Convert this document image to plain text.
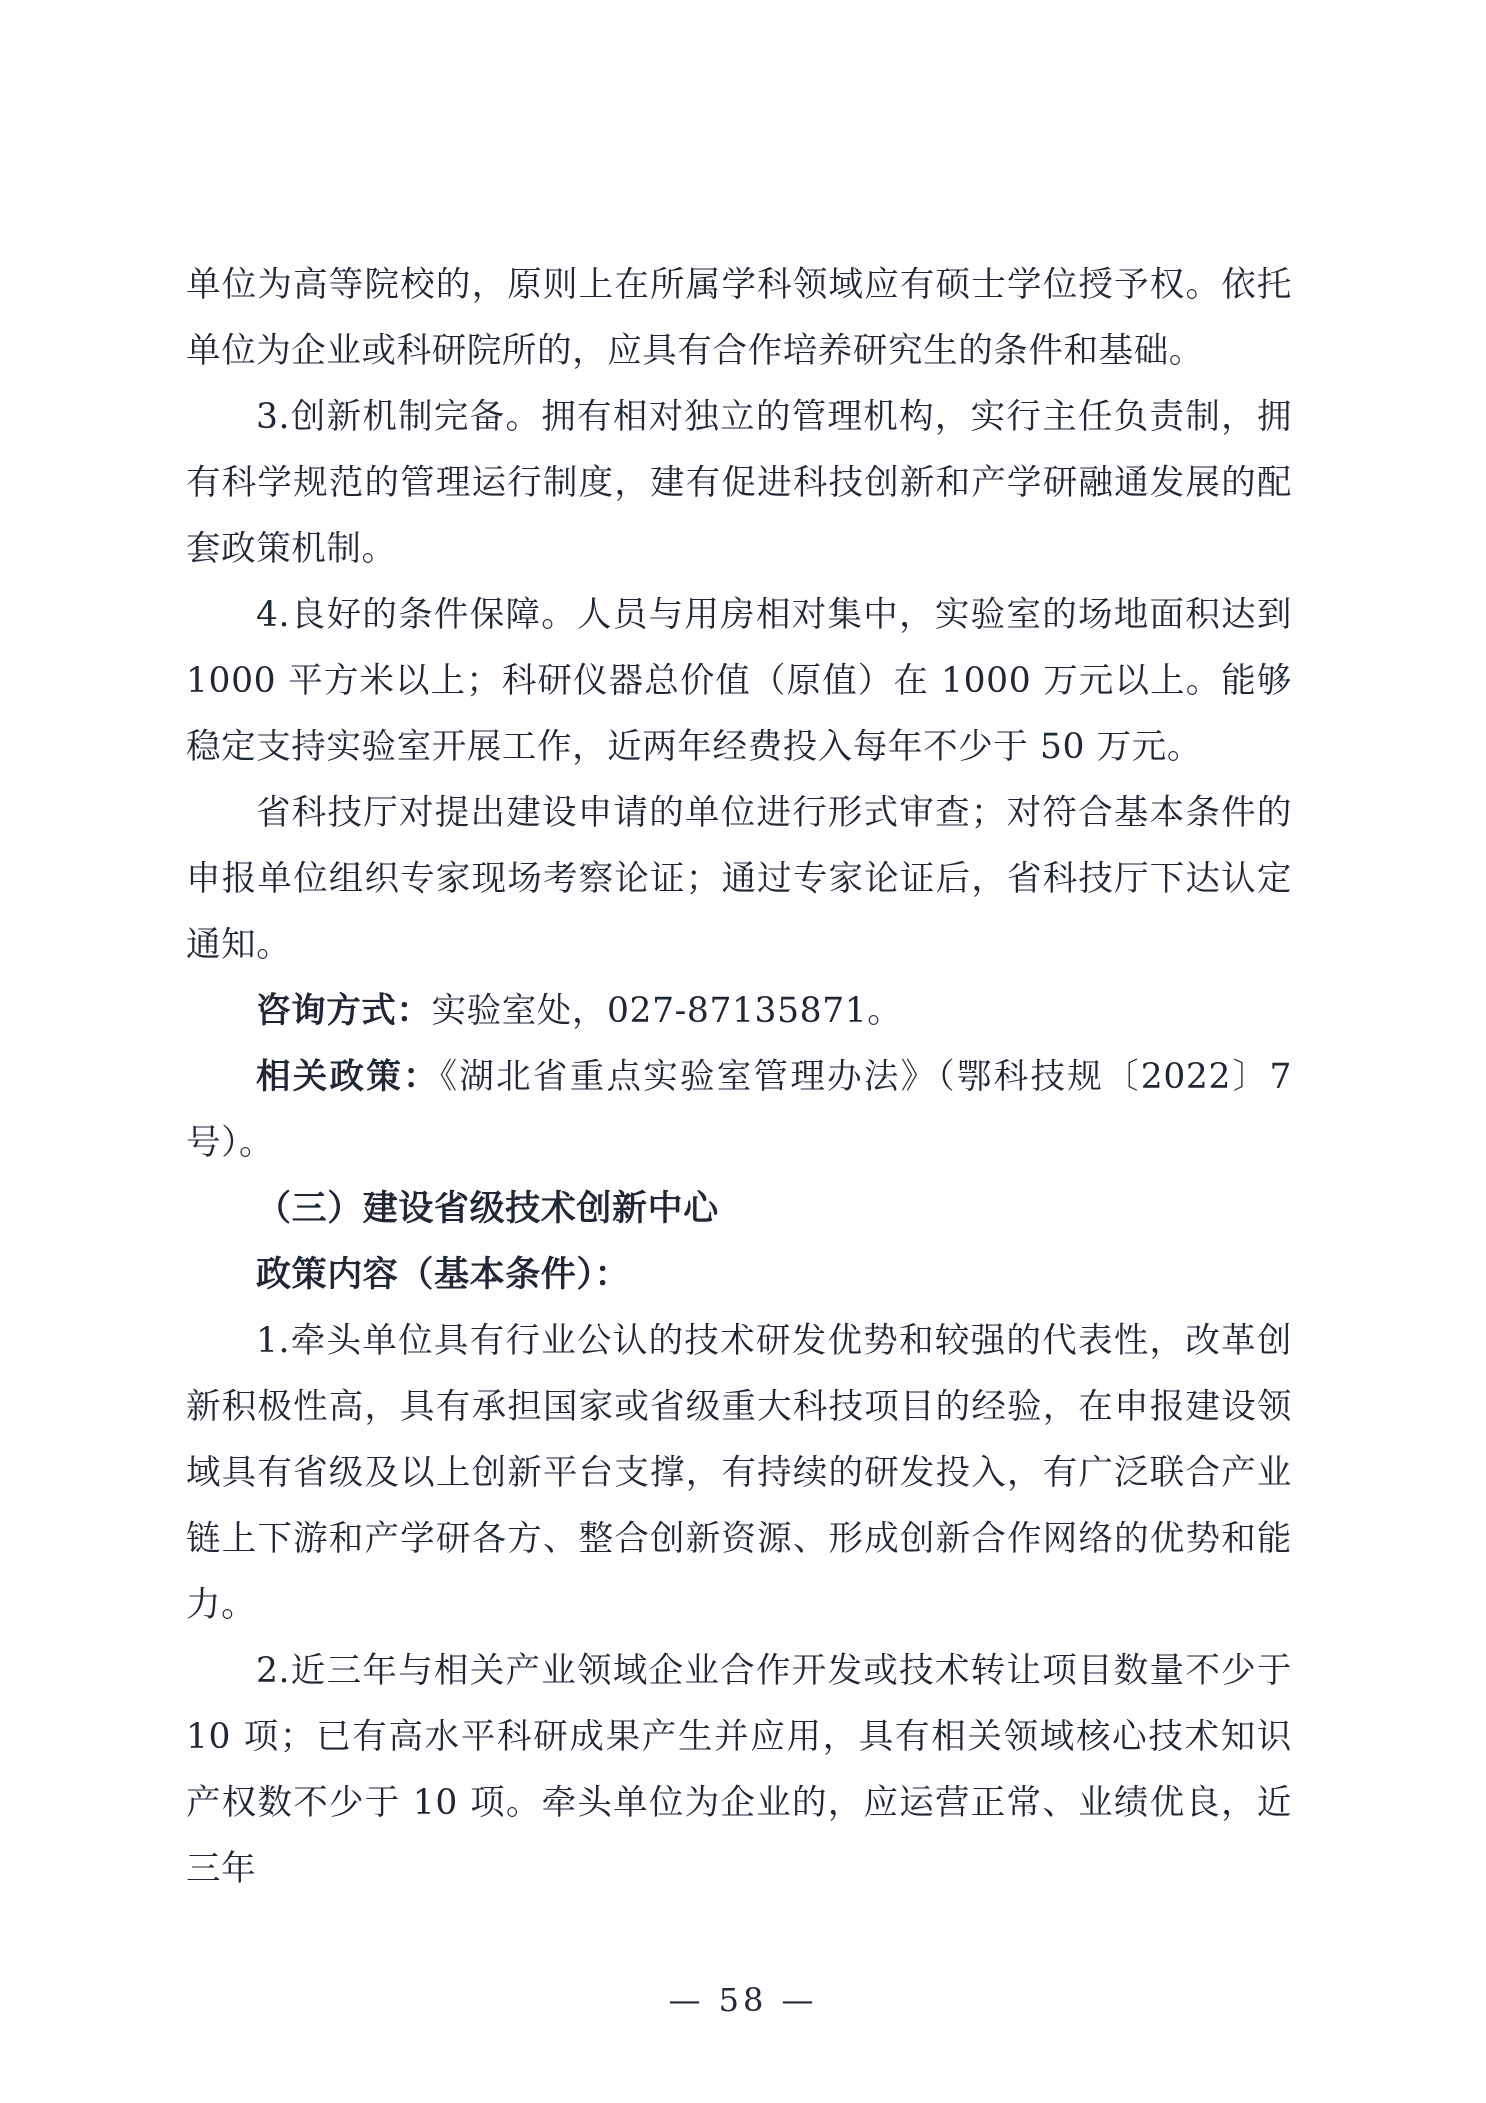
单位为高等院校的，原则上在所属学科领域应有硕士学位授予权。依托单位为企业或科研院所的，应具有合作培养研究生的条件和基础。

3.创新机制完备。拥有相对独立的管理机构，实行主任负责制，拥有科学规范的管理运行制度，建有促进科技创新和产学研融通发展的配套政策机制。

4.良好的条件保障。人员与用房相对集中，实验室的场地面积达到 1000 平方米以上；科研仪器总价值（原值）在 1000 万元以上。能够稳定支持实验室开展工作，近两年经费投入每年不少于 50 万元。

省科技厅对提出建设申请的单位进行形式审查；对符合基本条件的申报单位组织专家现场考察论证；通过专家论证后，省科技厅下达认定通知。

咨询方式：实验室处，027-87135871。

相关政策：《湖北省重点实验室管理办法》（鄂科技规〔2022〕7号）。

（三）建设省级技术创新中心

政策内容（基本条件）：

1.牵头单位具有行业公认的技术研发优势和较强的代表性，改革创新积极性高，具有承担国家或省级重大科技项目的经验，在申报建设领域具有省级及以上创新平台支撑，有持续的研发投入，有广泛联合产业链上下游和产学研各方、整合创新资源、形成创新合作网络的优势和能力。

2.近三年与相关产业领域企业合作开发或技术转让项目数量不少于 10 项；已有高水平科研成果产生并应用，具有相关领域核心技术知识产权数不少于 10 项。牵头单位为企业的，应运营正常、业绩优良，近三年

— 58 —
